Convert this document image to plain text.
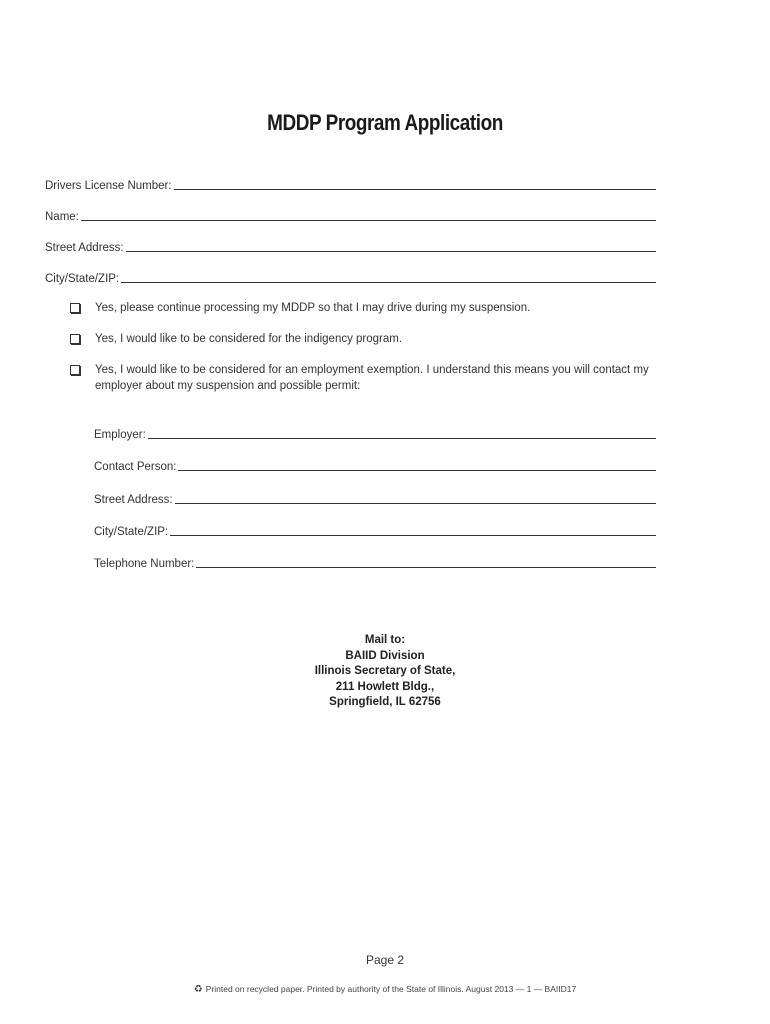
MDDP Program Application
Drivers License Number:
Name:
Street Address:
City/State/ZIP:
Yes, please continue processing my MDDP so that I may drive during my suspension.
Yes, I would like to be considered for the indigency program.
Yes, I would like to be considered for an employment exemption. I understand this means you will contact my employer about my suspension and possible permit:
Employer:
Contact Person:
Street Address:
City/State/ZIP:
Telephone Number:
Mail to:
BAIID Division
Illinois Secretary of State,
211 Howlett Bldg.,
Springfield, IL 62756
Page 2
♻ Printed on recycled paper. Printed by authority of the State of Illinois. August 2013 — 1 — BAIID17
